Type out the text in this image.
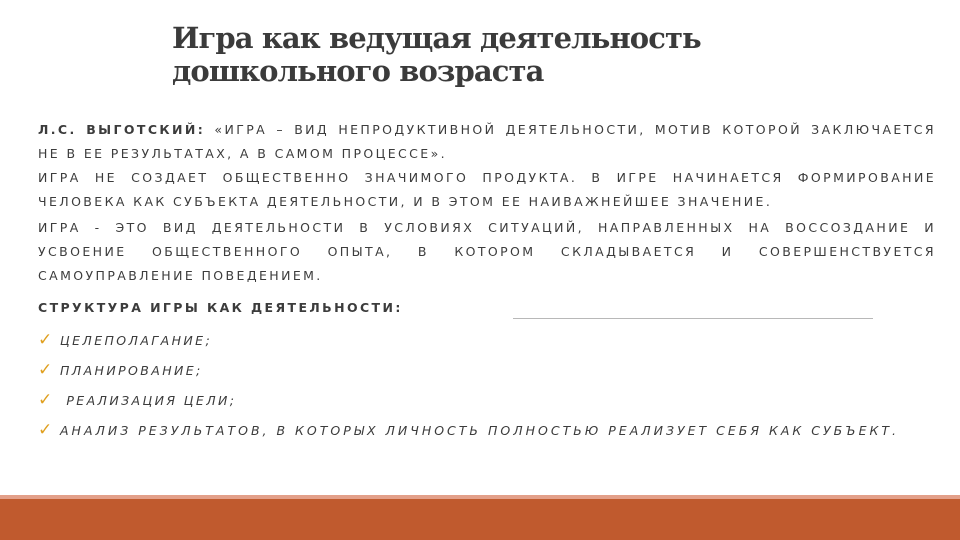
Игра как ведущая деятельность
дошкольного возраста

Л.С. ВЫГОТСКИЙ: «ИГРА – ВИД НЕПРОДУКТИВНОЙ ДЕЯТЕЛЬНОСТИ, МОТИВ КОТОРОЙ ЗАКЛЮЧАЕТСЯ НЕ В ЕЕ РЕЗУЛЬТАТАХ, А В САМОМ ПРОЦЕССЕ».

ИГРА НЕ СОЗДАЕТ ОБЩЕСТВЕННО ЗНАЧИМОГО ПРОДУКТА. В ИГРЕ НАЧИНАЕТСЯ ФОРМИРОВАНИЕ ЧЕЛОВЕКА КАК СУБЪЕКТА ДЕЯТЕЛЬНОСТИ, И В ЭТОМ ЕЕ НАИВАЖНЕЙШЕЕ ЗНАЧЕНИЕ.

ИГРА - ЭТО ВИД ДЕЯТЕЛЬНОСТИ В УСЛОВИЯХ СИТУАЦИЙ, НАПРАВЛЕННЫХ НА ВОССОЗДАНИЕ И УСВОЕНИЕ ОБЩЕСТВЕННОГО ОПЫТА, В КОТОРОМ СКЛАДЫВАЕТСЯ И СОВЕРШЕНСТВУЕТСЯ САМОУПРАВЛЕНИЕ ПОВЕДЕНИЕМ.

СТРУКТУРА ИГРЫ КАК ДЕЯТЕЛЬНОСТИ:
✓ ЦЕЛЕПОЛАГАНИЕ;
✓ ПЛАНИРОВАНИЕ;
✓ РЕАЛИЗАЦИЯ ЦЕЛИ;
✓ АНАЛИЗ РЕЗУЛЬТАТОВ, В КОТОРЫХ ЛИЧНОСТЬ ПОЛНОСТЬЮ РЕАЛИЗУЕТ СЕБЯ КАК СУБЪЕКТ.
